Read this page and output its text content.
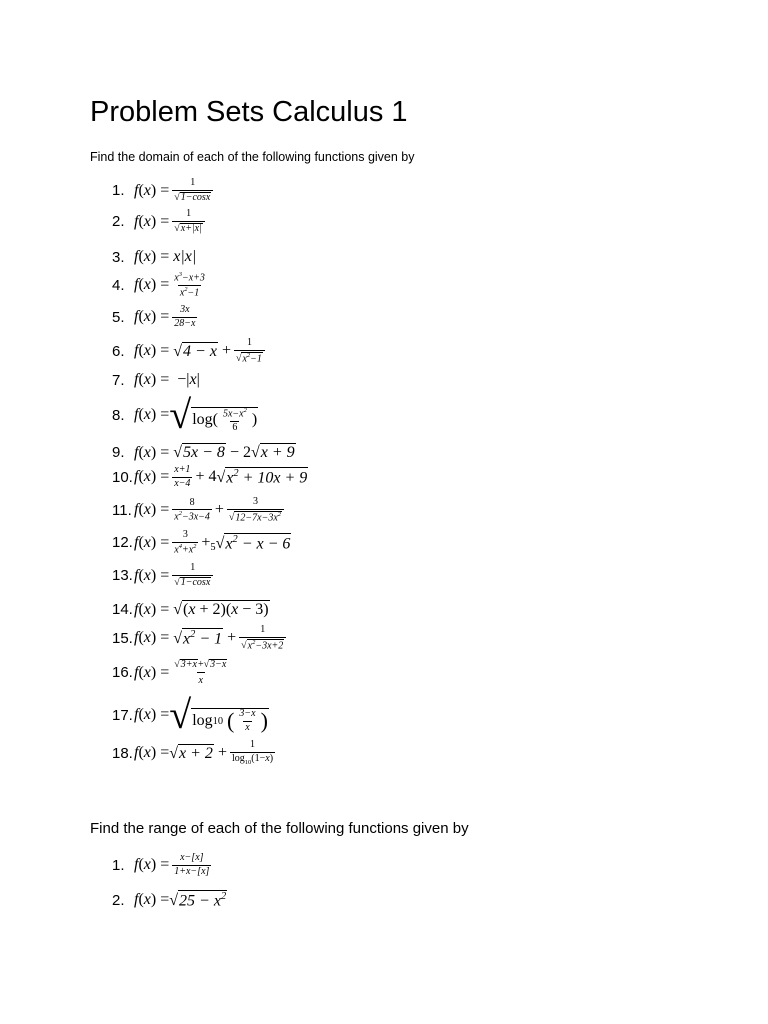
Problem Sets Calculus 1
Find the domain of each of the following functions given by
1. f ( x ) = $\frac{1}{√ 1-\cos x}$
2. f ( x ) = $\frac{1}{√ x+|x|}$
3. f ( x ) = x|x|
4. f ( x ) = $\frac{x^3-x+3}{x^2-1}$
5. f ( x ) = $\frac{3x}{28-x}$
6. f ( x ) =
√ $4 - x + \frac{1}{√ x^2-1}$
7. f ( x ) =  −| x |
8. f ( x ) = √ $\log( \frac{5x-x^2}{6}$ )
9. f ( x ) =
√ 5x − 8 − 2 √ x + 9
10. f ( x ) = $\frac{x+1}{x-4} + 4$ √ $x^2 + 10x + 9$
11. f ( x ) = $\frac{8}{x^2-3x-4} + \frac{3}{√ 12-7x-3x^2}$
12. f ( x ) = $\frac{3}{x^4+x^2} + 5$ √ $x^2 - x - 6$
13. f ( x ) = $\frac{1}{√ 1-\cos x}$
14. f ( x ) =
√ (x + 2)(x − 3)
15. f ( x ) =
√ $x^2 - 1 + \frac{1}{√ x^2-3x+2}$
16. f ( x ) = $\frac{√ 3+x + √ 3-x}{x}$
17. f ( x ) = √ log 10
( $\frac{3-x}{x}$ )
18. f ( x ) = √ $x + 2 + \frac{1}{\log_{10}(1-x)}$
Find the range of each of the following functions given by
1. f ( x ) = $\frac{x-[x]}{1+x-[x]}$
2. f ( x ) = √ $25 - x^2$
